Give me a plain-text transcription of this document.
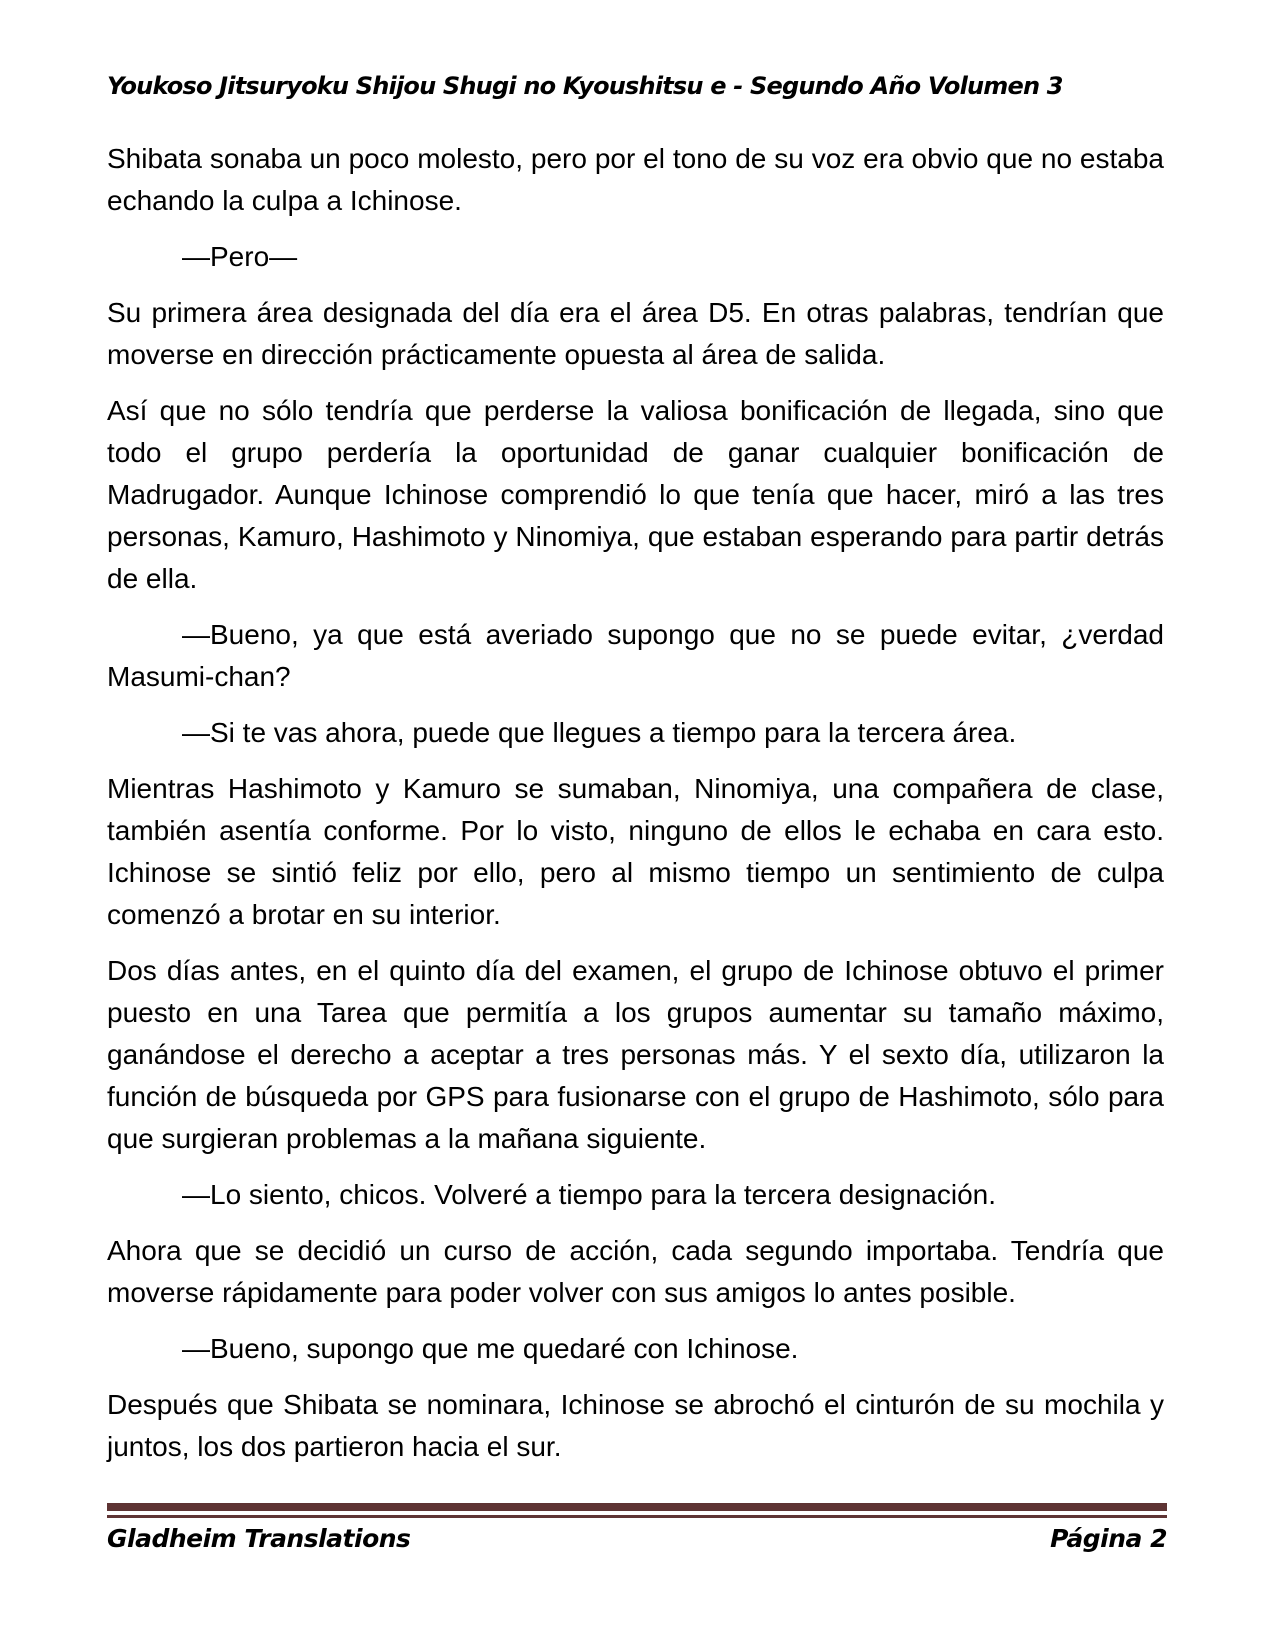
Youkoso Jitsuryoku Shijou Shugi no Kyoushitsu e - Segundo Año Volumen 3

Shibata sonaba un poco molesto, pero por el tono de su voz era obvio que no estaba echando la culpa a Ichinose.

—Pero—

Su primera área designada del día era el área D5. En otras palabras, tendrían que moverse en dirección prácticamente opuesta al área de salida.

Así que no sólo tendría que perderse la valiosa bonificación de llegada, sino que todo el grupo perdería la oportunidad de ganar cualquier bonificación de Madrugador. Aunque Ichinose comprendió lo que tenía que hacer, miró a las tres personas, Kamuro, Hashimoto y Ninomiya, que estaban esperando para partir detrás de ella.

—Bueno, ya que está averiado supongo que no se puede evitar, ¿verdad Masumi-chan?

—Si te vas ahora, puede que llegues a tiempo para la tercera área.

Mientras Hashimoto y Kamuro se sumaban, Ninomiya, una compañera de clase, también asentía conforme. Por lo visto, ninguno de ellos le echaba en cara esto. Ichinose se sintió feliz por ello, pero al mismo tiempo un sentimiento de culpa comenzó a brotar en su interior.

Dos días antes, en el quinto día del examen, el grupo de Ichinose obtuvo el primer puesto en una Tarea que permitía a los grupos aumentar su tamaño máximo, ganándose el derecho a aceptar a tres personas más. Y el sexto día, utilizaron la función de búsqueda por GPS para fusionarse con el grupo de Hashimoto, sólo para que surgieran problemas a la mañana siguiente.

—Lo siento, chicos. Volveré a tiempo para la tercera designación.

Ahora que se decidió un curso de acción, cada segundo importaba. Tendría que moverse rápidamente para poder volver con sus amigos lo antes posible.

—Bueno, supongo que me quedaré con Ichinose.

Después que Shibata se nominara, Ichinose se abrochó el cinturón de su mochila y juntos, los dos partieron hacia el sur.

Gladheim Translations	Página 2
